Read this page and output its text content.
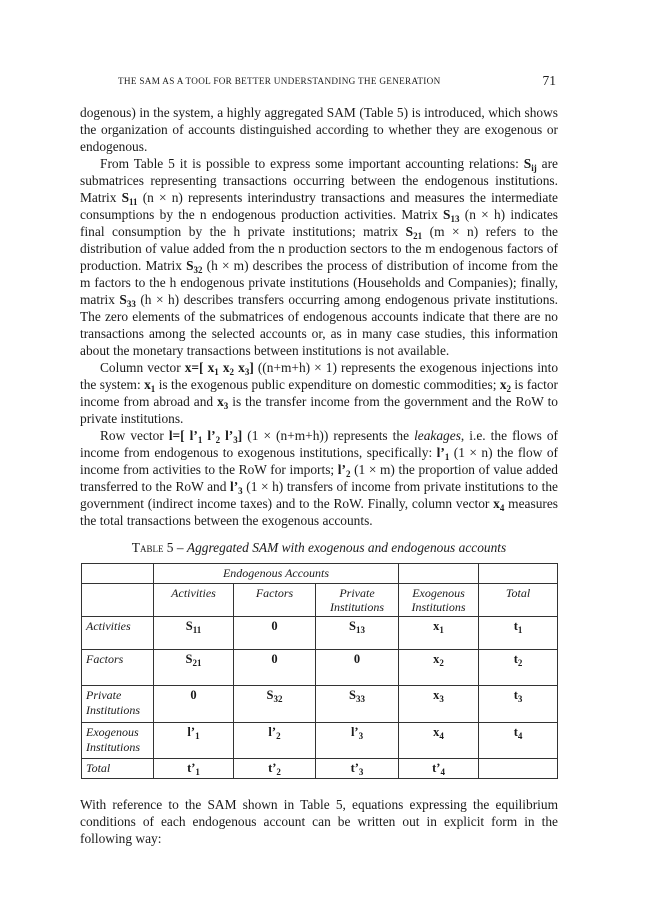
THE SAM AS A TOOL FOR BETTER UNDERSTANDING THE GENERATION	71

dogenous) in the system, a highly aggregated SAM (Table 5) is introduced, which shows the organization of accounts distinguished according to whether they are exogenous or endogenous.

From Table 5 it is possible to express some important accounting relations: $S_{ij}$ are submatrices representing transactions occurring between the endogenous institutions. Matrix $S_{11}$ (n × n) represents interindustry transactions and measures the intermediate consumptions by the n endogenous production activities. Matrix $S_{13}$ (n × h) indicates final consumption by the h private institutions; matrix $S_{21}$ (m × n) refers to the distribution of value added from the n production sectors to the m endogenous factors of production. Matrix $S_{32}$ (h × m) describes the process of distribution of income from the m factors to the h endogenous private institutions (Households and Companies); finally, matrix $S_{33}$ (h × h) describes transfers occurring among endogenous private institutions. The zero elements of the submatrices of endogenous accounts indicate that there are no transactions among the selected accounts or, as in many case studies, this information about the monetary transactions between institutions is not available.

Column vector x=[ $x_1$ $x_2$ $x_3$] ((n+m+h) × 1) represents the exogenous injections into the system: $x_1$ is the exogenous public expenditure on domestic commodities; $x_2$ is factor income from abroad and $x_3$ is the transfer income from the government and the RoW to private institutions.

Row vector l=[ $l’_1$ $l’_2$ $l’_3$] (1 × (n+m+h)) represents the leakages, i.e. the flows of income from endogenous to exogenous institutions, specifically: $l’_1$ (1 × n) the flow of income from activities to the RoW for imports; $l’_2$ (1 × m) the proportion of value added transferred to the RoW and $l’_3$ (1 × h) transfers of income from private institutions to the government (indirect income taxes) and to the RoW. Finally, column vector $x_4$ measures the total transactions between the exogenous accounts.

Table 5 – Aggregated SAM with exogenous and endogenous accounts
	Endogenous Accounts				
	Activities	Factors	Private Institutions	Exogenous Institutions	Total
Activities	$S_{11}$	0	$S_{13}$	$x_1$	$t_1$
Factors	$S_{21}$	0	0	$x_2$	$t_2$
Private Institutions	0	$S_{32}$	$S_{33}$	$x_3$	$t_3$
Exogenous Institutions	$l’_1$	$l’_2$	$l’_3$	$x_4$	$t_4$
Total	$t’_1$	$t’_2$	$t’_3$	$t’_4$	

With reference to the SAM shown in Table 5, equations expressing the equilibrium conditions of each endogenous account can be written out in explicit form in the following way:
